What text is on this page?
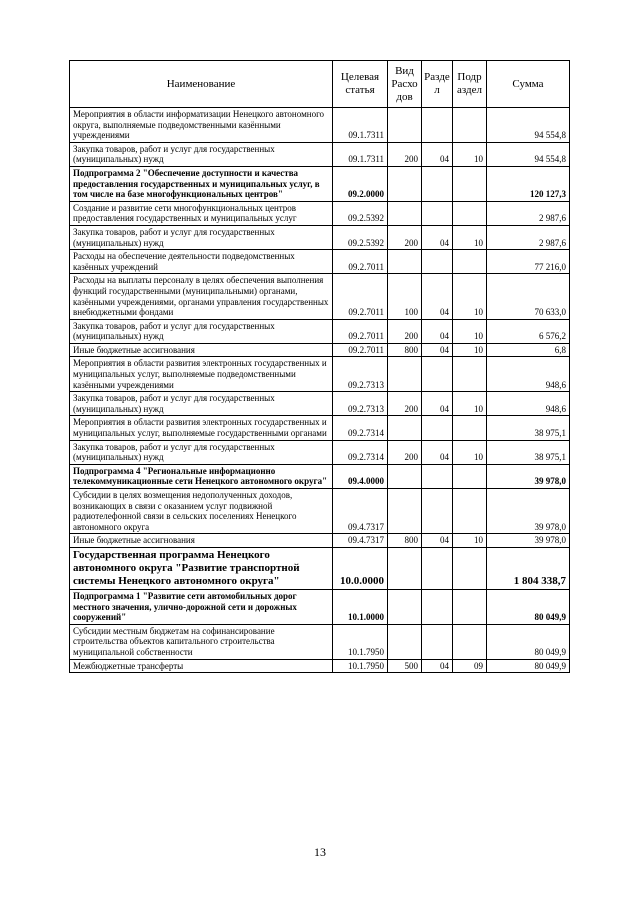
Наименование	Целевая статья	Вид Расхо дов	Разде л	Подр аздел	Сумма
Мероприятия в области информатизации Ненецкого автономного округа, выполняемые подведомственными казёнными учреждениями	09.1.7311				94 554,8
Закупка товаров, работ и услуг для государственных (муниципальных) нужд	09.1.7311	200	04	10	94 554,8
Подпрограмма 2 "Обеспечение доступности и качества предоставления государственных и муниципальных услуг, в том числе на базе многофункциональных центров"	09.2.0000				120 127,3
Создание и развитие сети многофункциональных центров предоставления государственных и муниципальных услуг	09.2.5392				2 987,6
Закупка товаров, работ и услуг для государственных (муниципальных) нужд	09.2.5392	200	04	10	2 987,6
Расходы на обеспечение деятельности подведомственных казённых учреждений	09.2.7011				77 216,0
Расходы на выплаты персоналу в целях обеспечения выполнения функций государственными (муниципальными) органами, казёнными учреждениями, органами управления государственных внебюджетными фондами	09.2.7011	100	04	10	70 633,0
Закупка товаров, работ и услуг для государственных (муниципальных) нужд	09.2.7011	200	04	10	6 576,2
Иные бюджетные ассигнования	09.2.7011	800	04	10	6,8
Мероприятия в области развития электронных государственных и муниципальных услуг, выполняемые подведомственными казёнными учреждениями	09.2.7313				948,6
Закупка товаров, работ и услуг для государственных (муниципальных) нужд	09.2.7313	200	04	10	948,6
Мероприятия в области развития электронных государственных и муниципальных услуг, выполняемые государственными органами	09.2.7314				38 975,1
Закупка товаров, работ и услуг для государственных (муниципальных) нужд	09.2.7314	200	04	10	38 975,1
Подпрограмма 4 "Региональные информационно телекоммуникационные сети Ненецкого автономного округа"	09.4.0000				39 978,0
Субсидии в целях возмещения недополученных доходов, возникающих в связи с оказанием услуг подвижной радиотелефонной связи в сельских поселениях Ненецкого автономного округа	09.4.7317				39 978,0
Иные бюджетные ассигнования	09.4.7317	800	04	10	39 978,0
Государственная программа Ненецкого автономного округа "Развитие транспортной системы Ненецкого автономного округа"	10.0.0000				1 804 338,7
Подпрограмма 1 "Развитие сети автомобильных дорог местного значения, улично-дорожной сети и дорожных сооружений"	10.1.0000				80 049,9
Субсидии местным бюджетам на софинансирование строительства объектов капитального строительства муниципальной собственности	10.1.7950				80 049,9
Межбюджетные трансферты	10.1.7950	500	04	09	80 049,9
13
